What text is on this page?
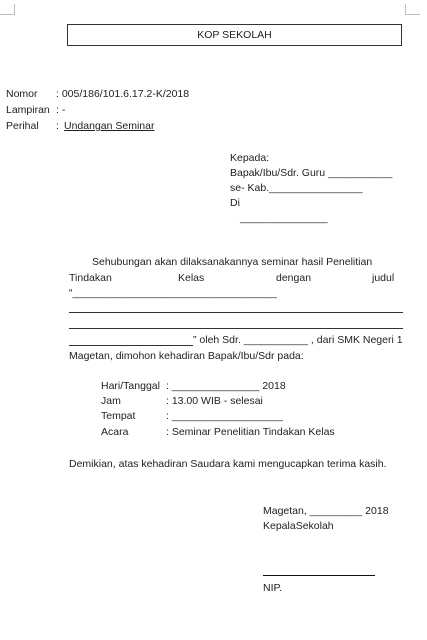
KOP SEKOLAH
Nomor : 005/186/101.6.17.2-K/2018
Lampiran : -
Perihal : Undangan Seminar
Kepada:
Bapak/Ibu/Sdr. Guru ___________
se- Kab.________________
Di
_______________
Sehubungan akan dilaksanakannya seminar hasil Penelitian
Tindakan	Kelas	dengan	judul
“___________________________________
” oleh Sdr. ___________ , dari SMK Negeri 1
Magetan, dimohon kehadiran Bapak/Ibu/Sdr pada:
Hari/Tanggal : _______________ 2018
Jam	: 13.00 WIB - selesai
Tempat	: ___________________
Acara	: Seminar Penelitian Tindakan Kelas
Demikian, atas kehadiran Saudara kami mengucapkan terima kasih.
Magetan, _________ 2018
KepalaSekolah
NIP.
